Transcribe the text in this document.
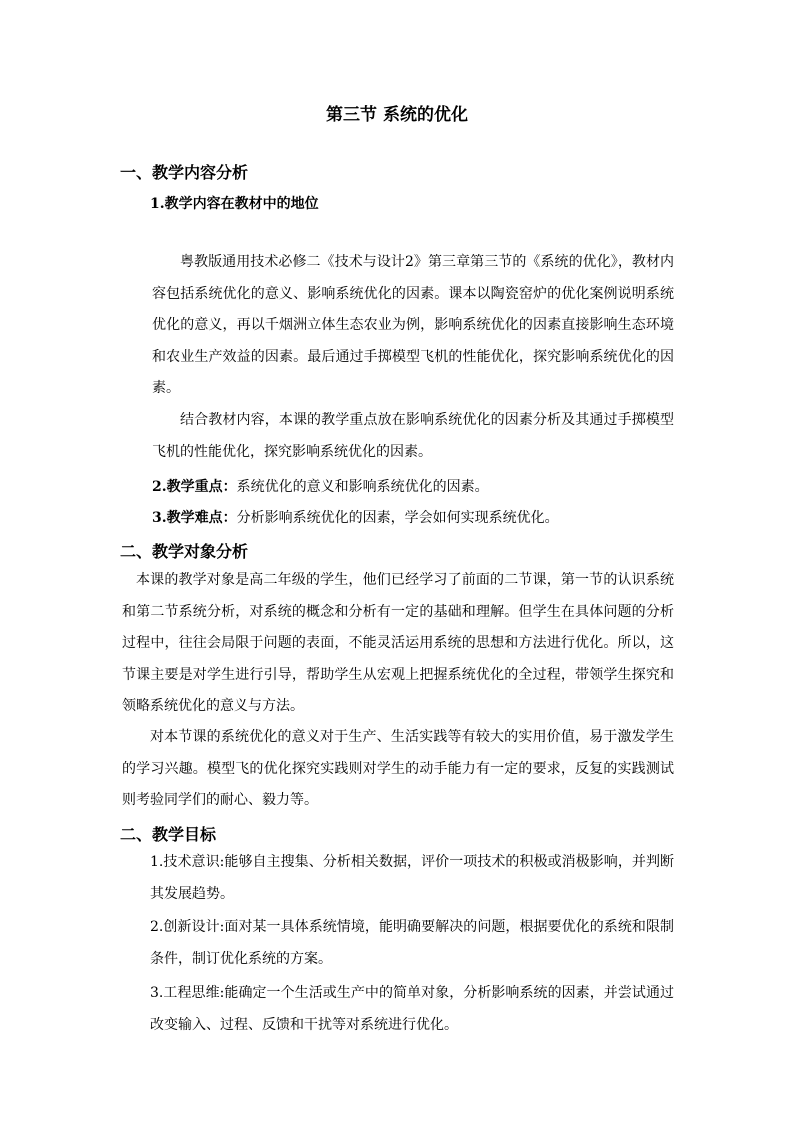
第三节 系统的优化
一、教学内容分析
1.教学内容在教材中的地位

粤教版通用技术必修二《技术与设计2》第三章第三节的《系统的优化》，教材内容包括系统优化的意义、影响系统优化的因素。课本以陶瓷窑炉的优化案例说明系统优化的意义，再以千烟洲立体生态农业为例，影响系统优化的因素直接影响生态环境和农业生产效益的因素。最后通过手掷模型飞机的性能优化，探究影响系统优化的因素。

结合教材内容，本课的教学重点放在影响系统优化的因素分析及其通过手掷模型飞机的性能优化，探究影响系统优化的因素。

2.教学重点：系统优化的意义和影响系统优化的因素。
3.教学难点：分析影响系统优化的因素，学会如何实现系统优化。
二、教学对象分析

本课的教学对象是高二年级的学生，他们已经学习了前面的二节课，第一节的认识系统和第二节系统分析，对系统的概念和分析有一定的基础和理解。但学生在具体问题的分析过程中，往往会局限于问题的表面，不能灵活运用系统的思想和方法进行优化。所以，这节课主要是对学生进行引导，帮助学生从宏观上把握系统优化的全过程，带领学生探究和领略系统优化的意义与方法。

对本节课的系统优化的意义对于生产、生活实践等有较大的实用价值，易于激发学生的学习兴趣。模型飞的优化探究实践则对学生的动手能力有一定的要求，反复的实践测试则考验同学们的耐心、毅力等。

二、教学目标

1.技术意识:能够自主搜集、分析相关数据，评价一项技术的积极或消极影响，并判断其发展趋势。

2.创新设计:面对某一具体系统情境，能明确要解决的问题，根据要优化的系统和限制条件，制订优化系统的方案。

3.工程思维:能确定一个生活或生产中的简单对象，分析影响系统的因素，并尝试通过改变输入、过程、反馈和干扰等对系统进行优化。
